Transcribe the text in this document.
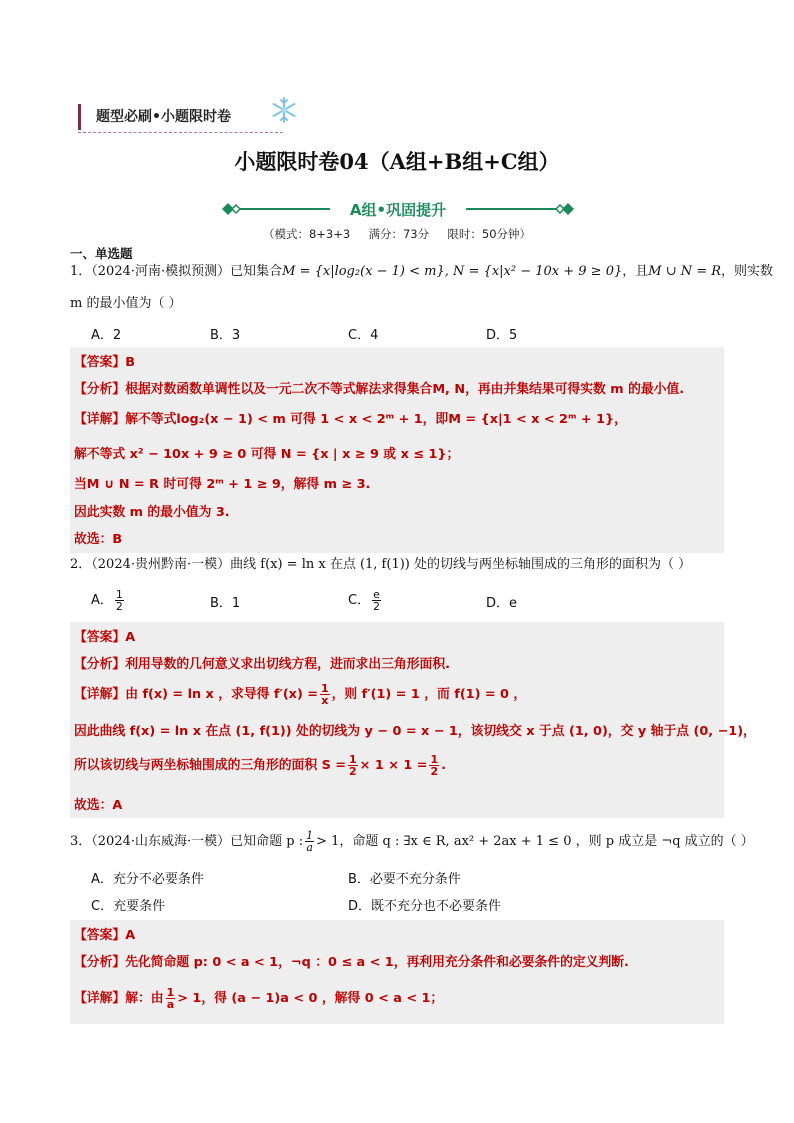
题型必刷•小题限时卷
小题限时卷04（A组+B组+C组）
A组•巩固提升
（模式：8+3+3     满分：73分     限时：50分钟）
一、单选题
1．（2024·河南·模拟预测）已知集合M = {x|log₂(x − 1) < m}, N = {x|x² − 10x + 9 ≥ 0}，且M ∪ N = R，则实数
m 的最小值为（ ）
A．2	B．3	C．4	D．5
【答案】B
【分析】根据对数函数单调性以及一元二次不等式解法求得集合M, N，再由并集结果可得实数 m 的最小值.
【详解】解不等式log₂(x − 1) < m 可得 1 < x < 2ᵐ + 1，即M = {x|1 < x < 2ᵐ + 1}，
解不等式 x² − 10x + 9 ≥ 0 可得 N = {x | x ≥ 9 或 x ≤ 1}；
当M ∪ N = R 时可得 2ᵐ + 1 ≥ 9，解得 m ≥ 3.
因此实数 m 的最小值为 3.
故选：B
2．（2024·贵州黔南·一模）曲线 f(x) = ln x 在点 (1, f(1)) 处的切线与两坐标轴围成的三角形的面积为（ ）
A． $\frac{1}{2}$	B．1	C． $\frac{e}{2}$	D．e
【答案】A
【分析】利用导数的几何意义求出切线方程，进而求出三角形面积.
【详解】由 f(x) = ln x ，求导得 $f'(x) = \frac{1}{x}$ ，则 f′(1) = 1 ，而 f(1) = 0 ，
因此曲线 f(x) = ln x 在点 (1, f(1)) 处的切线为 y − 0 = x − 1，该切线交 x 于点 (1, 0)，交 y 轴于点 (0, −1)，
所以该切线与两坐标轴围成的三角形的面积 $S = \frac{1}{2} \times 1 \times 1 = \frac{1}{2}$ .
故选：A
3．（2024·山东威海·一模）已知命题 p : $\frac{1}{a} > 1$，命题 q : ∃x ∈ R, ax² + 2ax + 1 ≤ 0 ，则 p 成立是 ¬q 成立的（ ）
A．充分不必要条件	B．必要不充分条件
C．充要条件	D．既不充分也不必要条件
【答案】A
【分析】先化简命题 p: 0 < a < 1，¬q ：0 ≤ a < 1，再利用充分条件和必要条件的定义判断.
【详解】解：由 $\frac{1}{a} > 1$，得 (a − 1)a < 0 ，解得 0 < a < 1；
